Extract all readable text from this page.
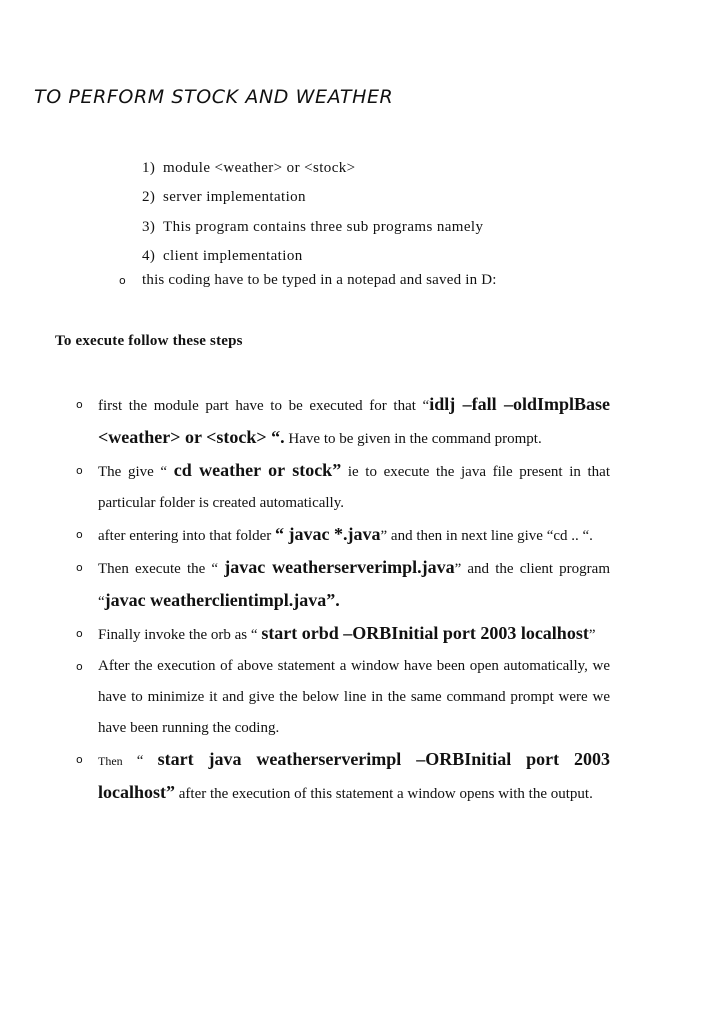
TO PERFORM STOCK AND WEATHER
1) module <weather> or <stock>
2) server implementation
3) This program contains three sub programs namely
4) client implementation
o this coding have to be typed in a notepad and saved in D:
To execute follow these steps
o first the module part have to be executed for that “idlj –fall –oldImplBase <weather> or <stock> “. Have to be given in the command prompt.
o The give “ cd weather or stock” ie to execute the java file present in that particular folder is created automatically.
o after entering into that folder “ javac *.java” and then in next line give “cd .. “.
o Then execute the “ javac weatherserverimpl.java” and the client program “javac weatherclientimpl.java”.
o Finally invoke the orb as “ start orbd –ORBInitial port 2003 localhost”
o After the execution of above statement a window have been open automatically, we have to minimize it and give the below line in the same command prompt were we have been running the coding.
o Then “ start java weatherserverimpl –ORBInitial port 2003 localhost” after the execution of this statement a window opens with the output.
